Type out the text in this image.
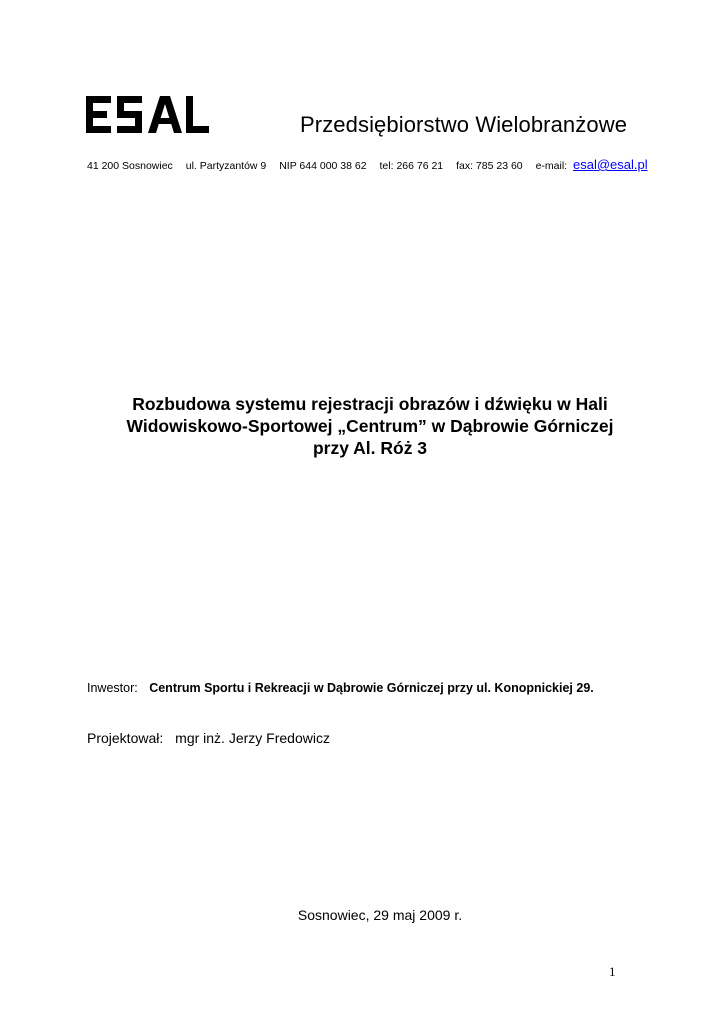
Przedsiębiorstwo Wielobranżowe
41 200 Sosnowiec ul. Partyzantów 9 NIP 644 000 38 62 tel: 266 76 21 fax: 785 23 60 e-mail: esal@esal.pl
Rozbudowa systemu rejestracji obrazów i dźwięku w Hali
Widowiskowo-Sportowej „Centrum” w Dąbrowie Górniczej
przy Al. Róż 3
Inwestor: Centrum Sportu i Rekreacji w Dąbrowie Górniczej przy ul. Konopnickiej 29.
Projektował: mgr inż. Jerzy Fredowicz
Sosnowiec, 29 maj 2009 r.
1
